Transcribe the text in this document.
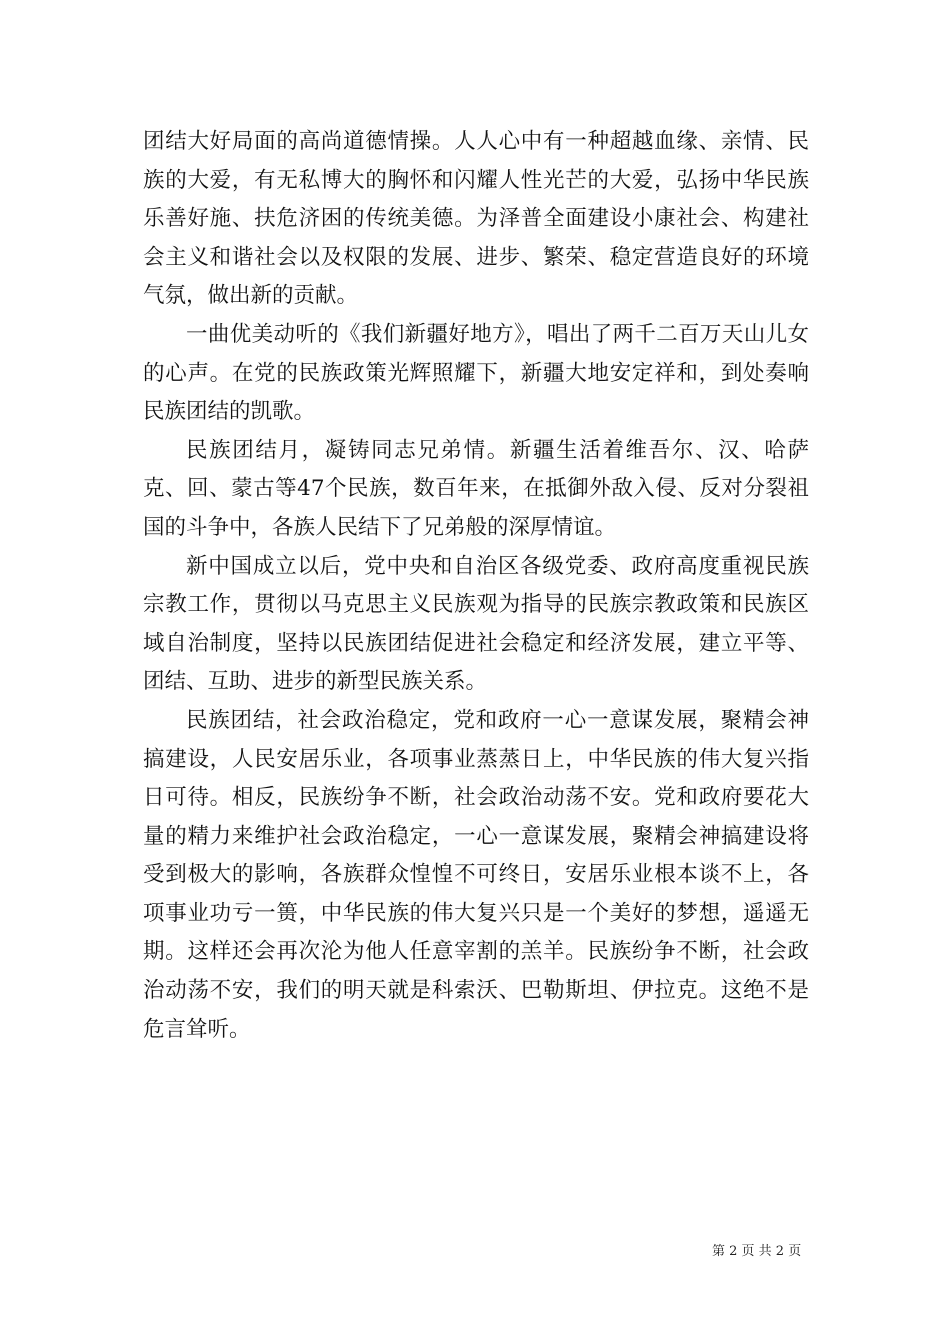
团结大好局面的高尚道德情操。人人心中有一种超越血缘、亲情、民族的大爱，有无私博大的胸怀和闪耀人性光芒的大爱，弘扬中华民族乐善好施、扶危济困的传统美德。为泽普全面建设小康社会、构建社会主义和谐社会以及权限的发展、进步、繁荣、稳定营造良好的环境气氛，做出新的贡献。

一曲优美动听的《我们新疆好地方》，唱出了两千二百万天山儿女的心声。在党的民族政策光辉照耀下，新疆大地安定祥和，到处奏响民族团结的凯歌。

民族团结月，凝铸同志兄弟情。新疆生活着维吾尔、汉、哈萨克、回、蒙古等47个民族，数百年来，在抵御外敌入侵、反对分裂祖国的斗争中，各族人民结下了兄弟般的深厚情谊。

新中国成立以后，党中央和自治区各级党委、政府高度重视民族宗教工作，贯彻以马克思主义民族观为指导的民族宗教政策和民族区域自治制度，坚持以民族团结促进社会稳定和经济发展，建立平等、团结、互助、进步的新型民族关系。

民族团结，社会政治稳定，党和政府一心一意谋发展，聚精会神搞建设，人民安居乐业，各项事业蒸蒸日上，中华民族的伟大复兴指日可待。相反，民族纷争不断，社会政治动荡不安。党和政府要花大量的精力来维护社会政治稳定，一心一意谋发展，聚精会神搞建设将受到极大的影响，各族群众惶惶不可终日，安居乐业根本谈不上，各项事业功亏一篑，中华民族的伟大复兴只是一个美好的梦想，遥遥无期。这样还会再次沦为他人任意宰割的羔羊。民族纷争不断，社会政治动荡不安，我们的明天就是科索沃、巴勒斯坦、伊拉克。这绝不是危言耸听。

第 2 页 共 2 页
